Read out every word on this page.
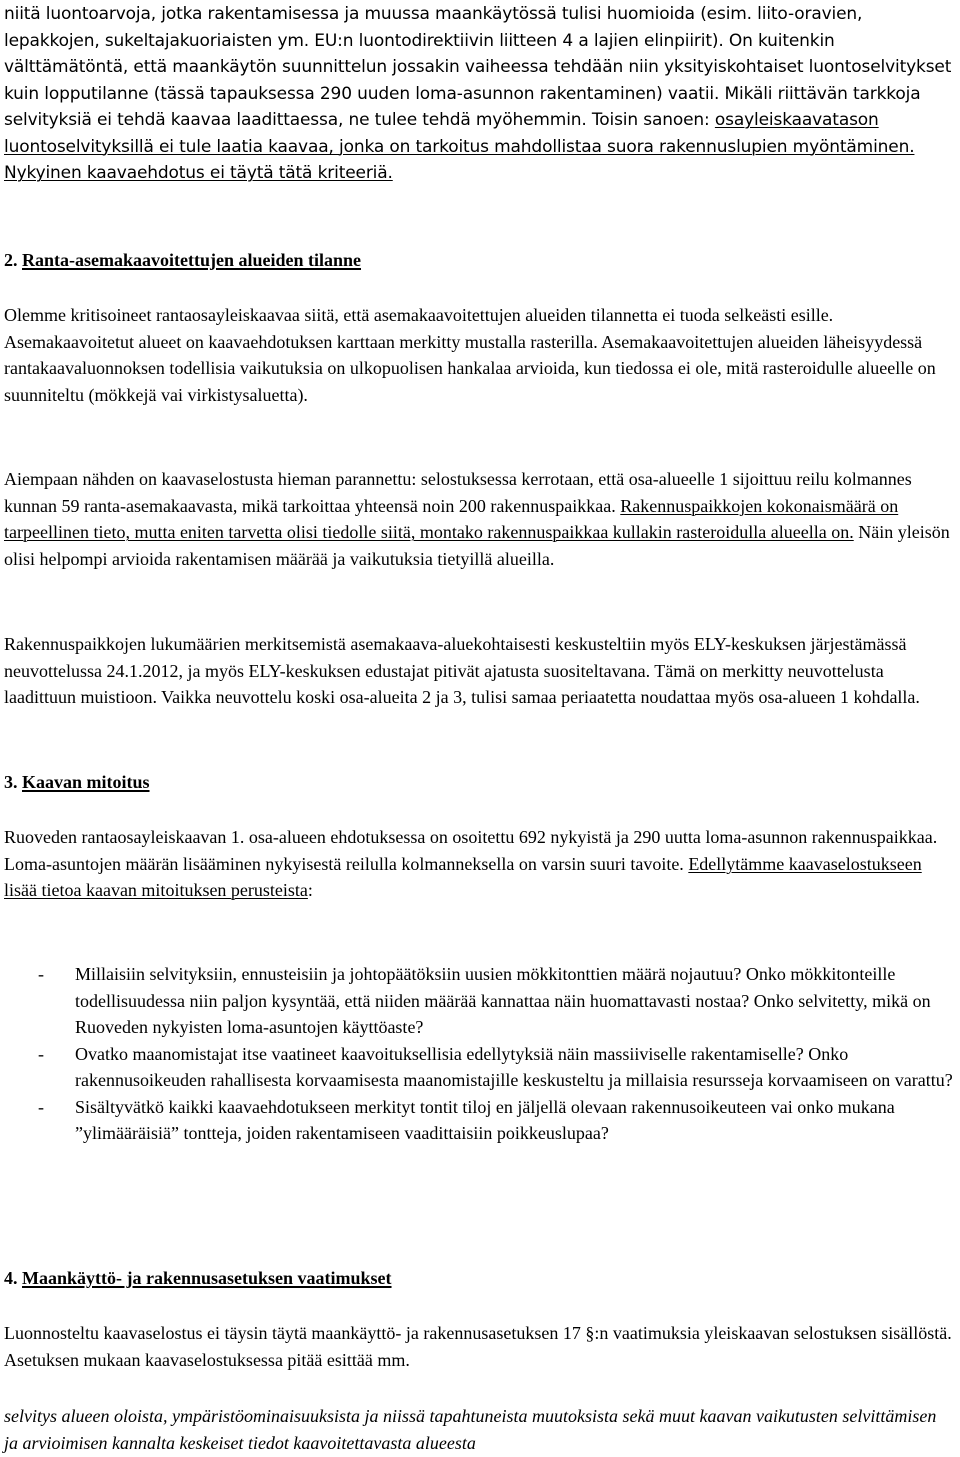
niitä luontoarvoja, jotka rakentamisessa ja muussa maankäytössä tulisi huomioida (esim. liito-oravien, lepakkojen, sukeltajakuoriaisten ym. EU:n luontodirektiivin liitteen 4 a lajien elinpiirit). On kuitenkin välttämätöntä, että maankäytön suunnittelun jossakin vaiheessa tehdään niin yksityiskohtaiset luontoselvitykset kuin lopputilanne (tässä tapauksessa 290 uuden loma-asunnon rakentaminen) vaatii. Mikäli riittävän tarkkoja selvityksiä ei tehdä kaavaa laadittaessa, ne tulee tehdä myöhemmin. Toisin sanoen: osayleiskaavatason luontoselvityksillä ei tule laatia kaavaa, jonka on tarkoitus mahdollistaa suora rakennuslupien myöntäminen. Nykyinen kaavaehdotus ei täytä tätä kriteeriä.

2. Ranta-asemakaavoitettujen alueiden tilanne

Olemme kritisoineet rantaosayleiskaavaa siitä, että asemakaavoitettujen alueiden tilannetta ei tuoda selkeästi esille. Asemakaavoitetut alueet on kaavaehdotuksen karttaan merkitty mustalla rasterilla. Asemakaavoitettujen alueiden läheisyydessä rantakaavaluonnoksen todellisia vaikutuksia on ulkopuolisen hankalaa arvioida, kun tiedossa ei ole, mitä rasteroidulle alueelle on suunniteltu (mökkejä vai virkistysaluetta).

Aiempaan nähden on kaavaselostusta hieman parannettu: selostuksessa kerrotaan, että osa-alueelle 1 sijoittuu reilu kolmannes kunnan 59 ranta-asemakaavasta, mikä tarkoittaa yhteensä noin 200 rakennuspaikkaa. Rakennuspaikkojen kokonaismäärä on tarpeellinen tieto, mutta eniten tarvetta olisi tiedolle siitä, montako rakennuspaikkaa kullakin rasteroidulla alueella on. Näin yleisön olisi helpompi arvioida rakentamisen määrää ja vaikutuksia tietyillä alueilla.

Rakennuspaikkojen lukumäärien merkitsemistä asemakaava-aluekohtaisesti keskusteltiin myös ELY-keskuksen järjestämässä neuvottelussa 24.1.2012, ja myös ELY-keskuksen edustajat pitivät ajatusta suositeltavana. Tämä on merkitty neuvottelusta laadittuun muistioon. Vaikka neuvottelu koski osa-alueita 2 ja 3, tulisi samaa periaatetta noudattaa myös osa-alueen 1 kohdalla.

3. Kaavan mitoitus

Ruoveden rantaosayleiskaavan 1. osa-alueen ehdotuksessa on osoitettu 692 nykyistä ja 290 uutta loma-asunnon rakennuspaikkaa. Loma-asuntojen määrän lisääminen nykyisestä reilulla kolmanneksella on varsin suuri tavoite. Edellytämme kaavaselostukseen lisää tietoa kaavan mitoituksen perusteista:

- Millaisiin selvityksiin, ennusteisiin ja johtopäätöksiin uusien mökkitonttien määrä nojautuu? Onko mökkitonteille todellisuudessa niin paljon kysyntää, että niiden määrää kannattaa näin huomattavasti nostaa? Onko selvitetty, mikä on Ruoveden nykyisten loma-asuntojen käyttöaste?
- Ovatko maanomistajat itse vaatineet kaavoituksellisia edellytyksiä näin massiiviselle rakentamiselle? Onko rakennusoikeuden rahallisesta korvaamisesta maanomistajille keskusteltu ja millaisia resursseja korvaamiseen on varattu?
- Sisältyvätkö kaikki kaavaehdotukseen merkityt tontit tiloj en jäljellä olevaan rakennusoikeuteen vai onko mukana ”ylimääräisiä” tontteja, joiden rakentamiseen vaadittaisiin poikkeuslupaa?
4. Maankäyttö- ja rakennusasetuksen vaatimukset

Luonnosteltu kaavaselostus ei täysin täytä maankäyttö- ja rakennusasetuksen 17 §:n vaatimuksia yleiskaavan selostuksen sisällöstä. Asetuksen mukaan kaavaselostuksessa pitää esittää mm.

selvitys alueen oloista, ympäristöominaisuuksista ja niissä tapahtuneista muutoksista sekä muut kaavan vaikutusten selvittämisen ja arvioimisen kannalta keskeiset tiedot kaavoitettavasta alueesta
